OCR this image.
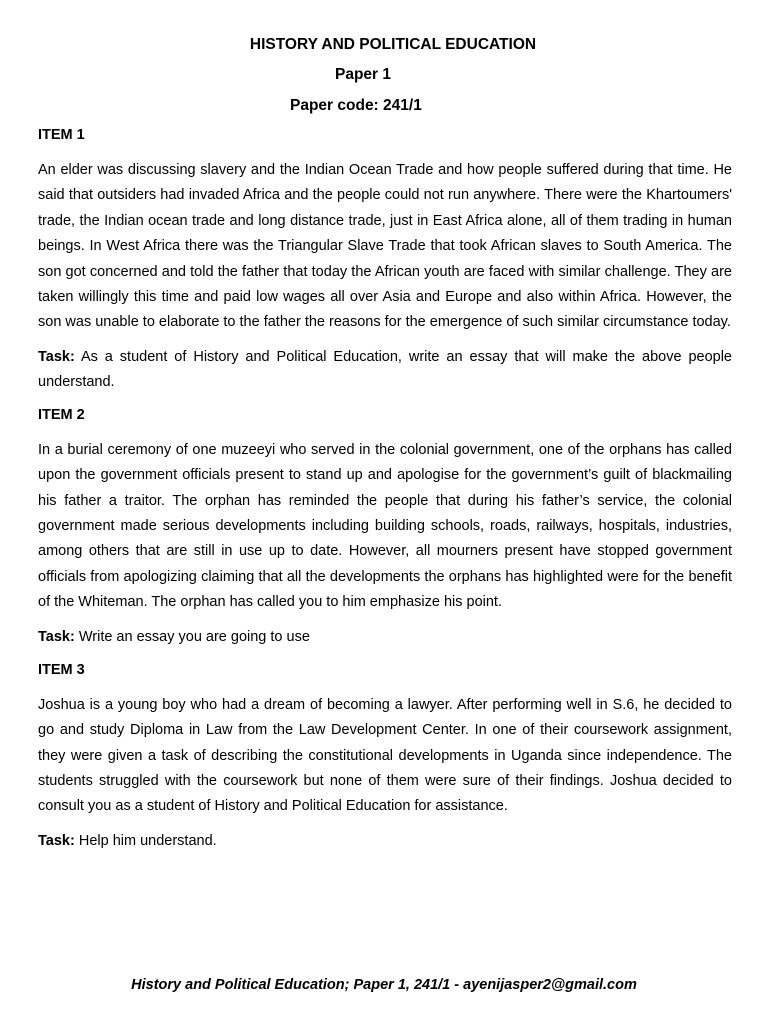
HISTORY AND POLITICAL EDUCATION

Paper 1

Paper code: 241/1

ITEM 1

An elder was discussing slavery and the Indian Ocean Trade and how people suffered during that time. He said that outsiders had invaded Africa and the people could not run anywhere. There were the Khartoumers' trade, the Indian ocean trade and long distance trade, just in East Africa alone, all of them trading in human beings. In West Africa there was the Triangular Slave Trade that took African slaves to South America. The son got concerned and told the father that today the African youth are faced with similar challenge. They are taken willingly this time and paid low wages all over Asia and Europe and also within Africa. However, the son was unable to elaborate to the father the reasons for the emergence of such similar circumstance today.

Task: As a student of History and Political Education, write an essay that will make the above people understand.

ITEM 2

In a burial ceremony of one muzeeyi who served in the colonial government, one of the orphans has called upon the government officials present to stand up and apologise for the government’s guilt of blackmailing his father a traitor. The orphan has reminded the people that during his father’s service, the colonial government made serious developments including building schools, roads, railways, hospitals, industries, among others that are still in use up to date. However, all mourners present have stopped government officials from apologizing claiming that all the developments the orphans has highlighted were for the benefit of the Whiteman. The orphan has called you to him emphasize his point.

Task: Write an essay you are going to use

ITEM 3

Joshua is a young boy who had a dream of becoming a lawyer. After performing well in S.6, he decided to go and study Diploma in Law from the Law Development Center. In one of their coursework assignment, they were given a task of describing the constitutional developments in Uganda since independence. The students struggled with the coursework but none of them were sure of their findings. Joshua decided to consult you as a student of History and Political Education for assistance.

Task: Help him understand.

History and Political Education; Paper 1, 241/1 - ayenijasper2@gmail.com
